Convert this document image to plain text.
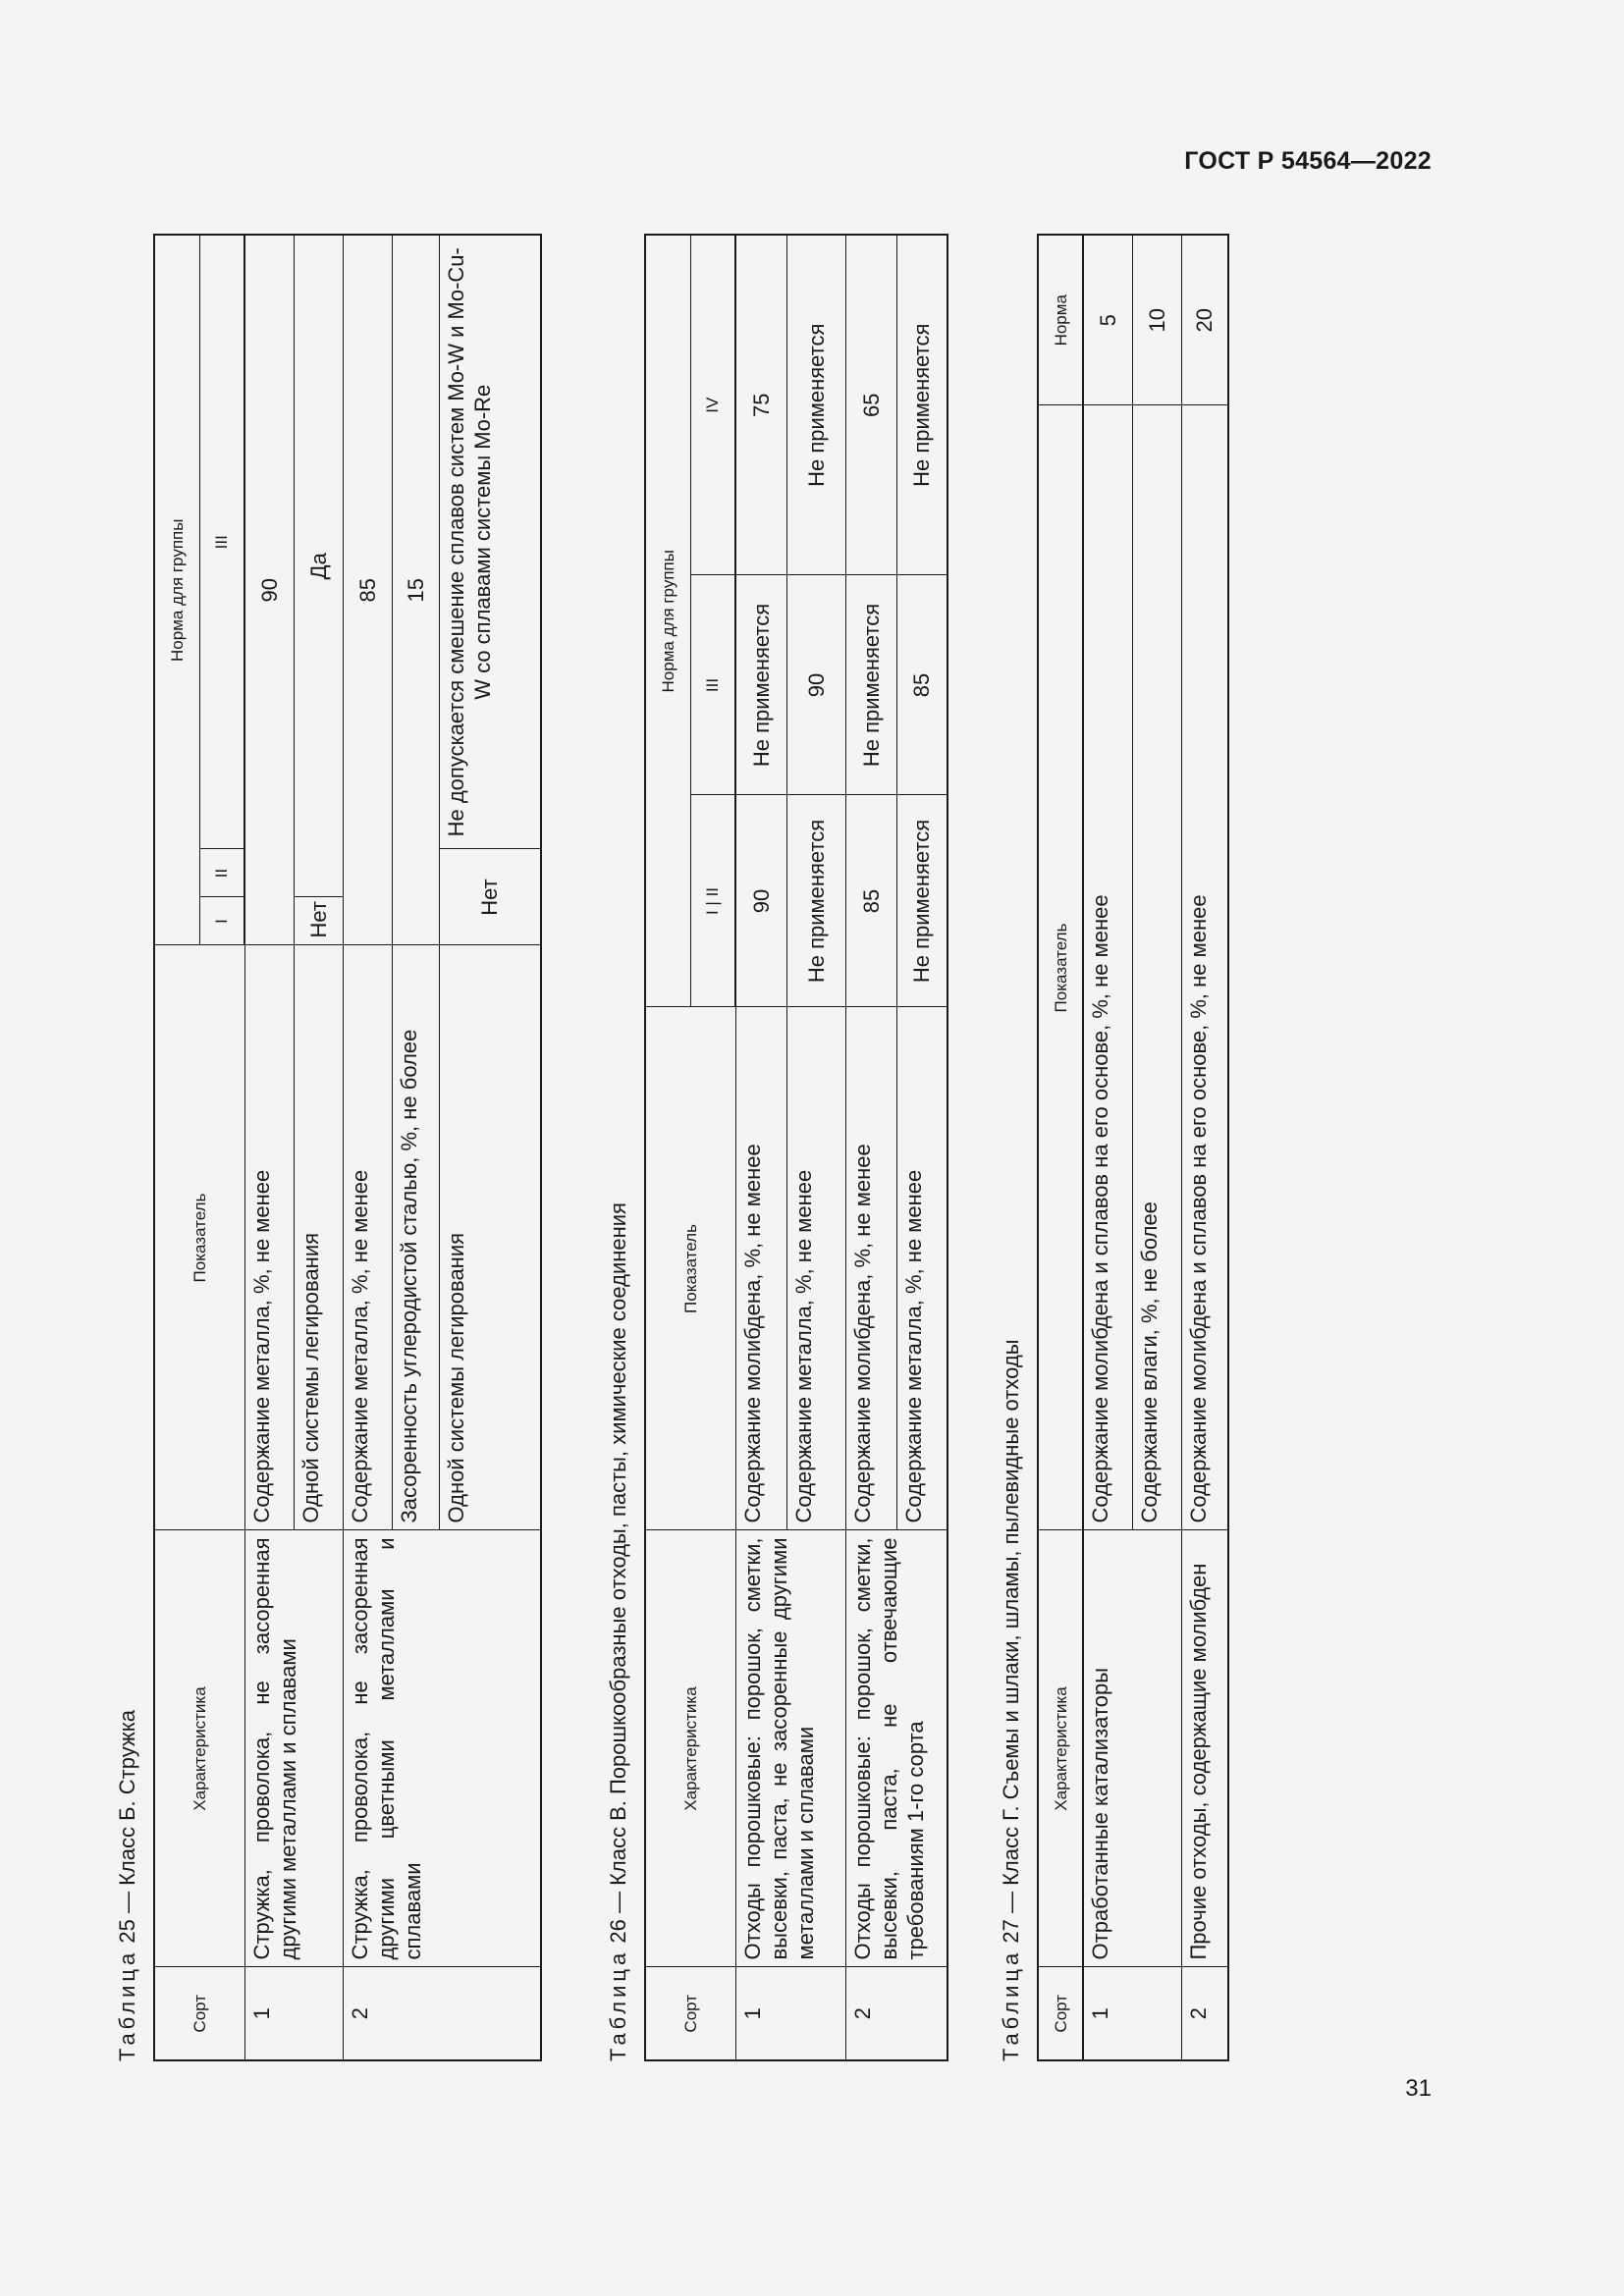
ГОСТ Р 54564—2022
31
Таблица 25 — Класс Б. Стружка
Сорт	Характеристика	Показатель	Норма для группы		
			I	II	III
1	Стружка, проволока, не засоренная другими металлами и сплавами	Содержание металла, %, не менее	90		
		Одной системы легирования	Нет	Да	
2	Стружка, проволока, не засоренная другими цветными металлами и сплавами	Содержание металла, %, не менее	85		
		Засоренность углеродистой сталью, %, не более	15		
		Одной системы легирования	Нет		Не допускается смешение сплавов систем Mo-W и Mo-Cu-W со сплавами системы Mo-Re
Таблица 26 — Класс В. Порошкообразные отходы, пасты, химические соединения
Сорт	Характеристика	Показатель	Норма для группы		
			I | II	III	IV
1	Отходы порошковые: порошок, сметки, высевки, паста, не засоренные другими металлами и сплавами	Содержание молибдена, %, не менее	90	Не применяется	75
		Содержание металла, %, не менее	Не применяется	90	Не применяется
2	Отходы порошковые: порошок, сметки, высевки, паста, не отвечающие требованиям 1-го сорта	Содержание молибдена, %, не менее	85	Не применяется	65
		Содержание металла, %, не менее	Не применяется	85	Не применяется
Таблица 27 — Класс Г. Съемы и шлаки, шламы, пылевидные отходы
Сорт	Характеристика	Показатель	Норма
1	Отработанные катализаторы	Содержание молибдена и сплавов на его основе, %, не менее	5
		Содержание влаги, %, не более	10
2	Прочие отходы, содержащие молибден	Содержание молибдена и сплавов на его основе, %, не менее	20
